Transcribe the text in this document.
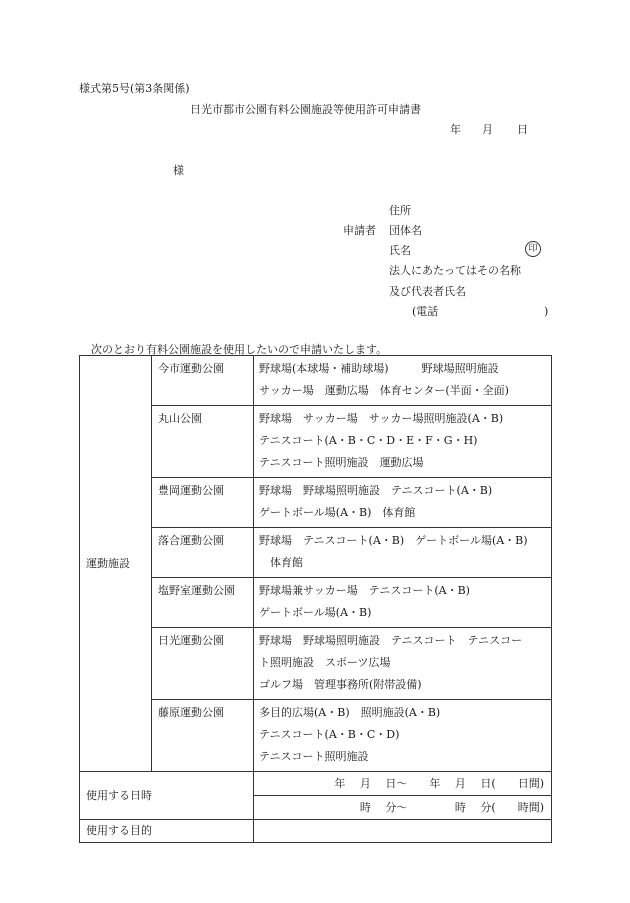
様式第5号(第3条関係)
日光市都市公園有料公園施設等使用許可申請書
年 月 日
様
住所
申請者 団体名
氏名	印
法人にあたってはその名称
及び代表者氏名
(電話	)
次のとおり有料公園施設を使用したいので申請いたします。
運動施設	今市運動公園	野球場(本球場・補助球場)　　　野球場照明施設
サッカー場　運動広場　体育センター(半面・全面)

	丸山公園	野球場　サッカー場　サッカー場照明施設(A・B)
テニスコート(A・B・C・D・E・F・G・H)
テニスコート照明施設　運動広場

	豊岡運動公園	野球場　野球場照明施設　テニスコート(A・B)
ゲートボール場(A・B)　体育館

	落合運動公園	野球場　テニスコート(A・B)　ゲートボール場(A・B)
　体育館

	塩野室運動公園	野球場兼サッカー場　テニスコート(A・B)
ゲートボール場(A・B)

	日光運動公園	野球場　野球場照明施設　テニスコート　テニスコー
ト照明施設　スポーツ広場
ゴルフ場　管理事務所(附帯設備)

	藤原運動公園	多目的広場(A・B)　照明施設(A・B)
テニスコート(A・B・C・D)
テニスコート照明施設

使用する日時		年　 月　 日〜　　年　 月　 日(　　日間)
		時　 分〜　　　　 時　 分(　　時間)
使用する目的		
